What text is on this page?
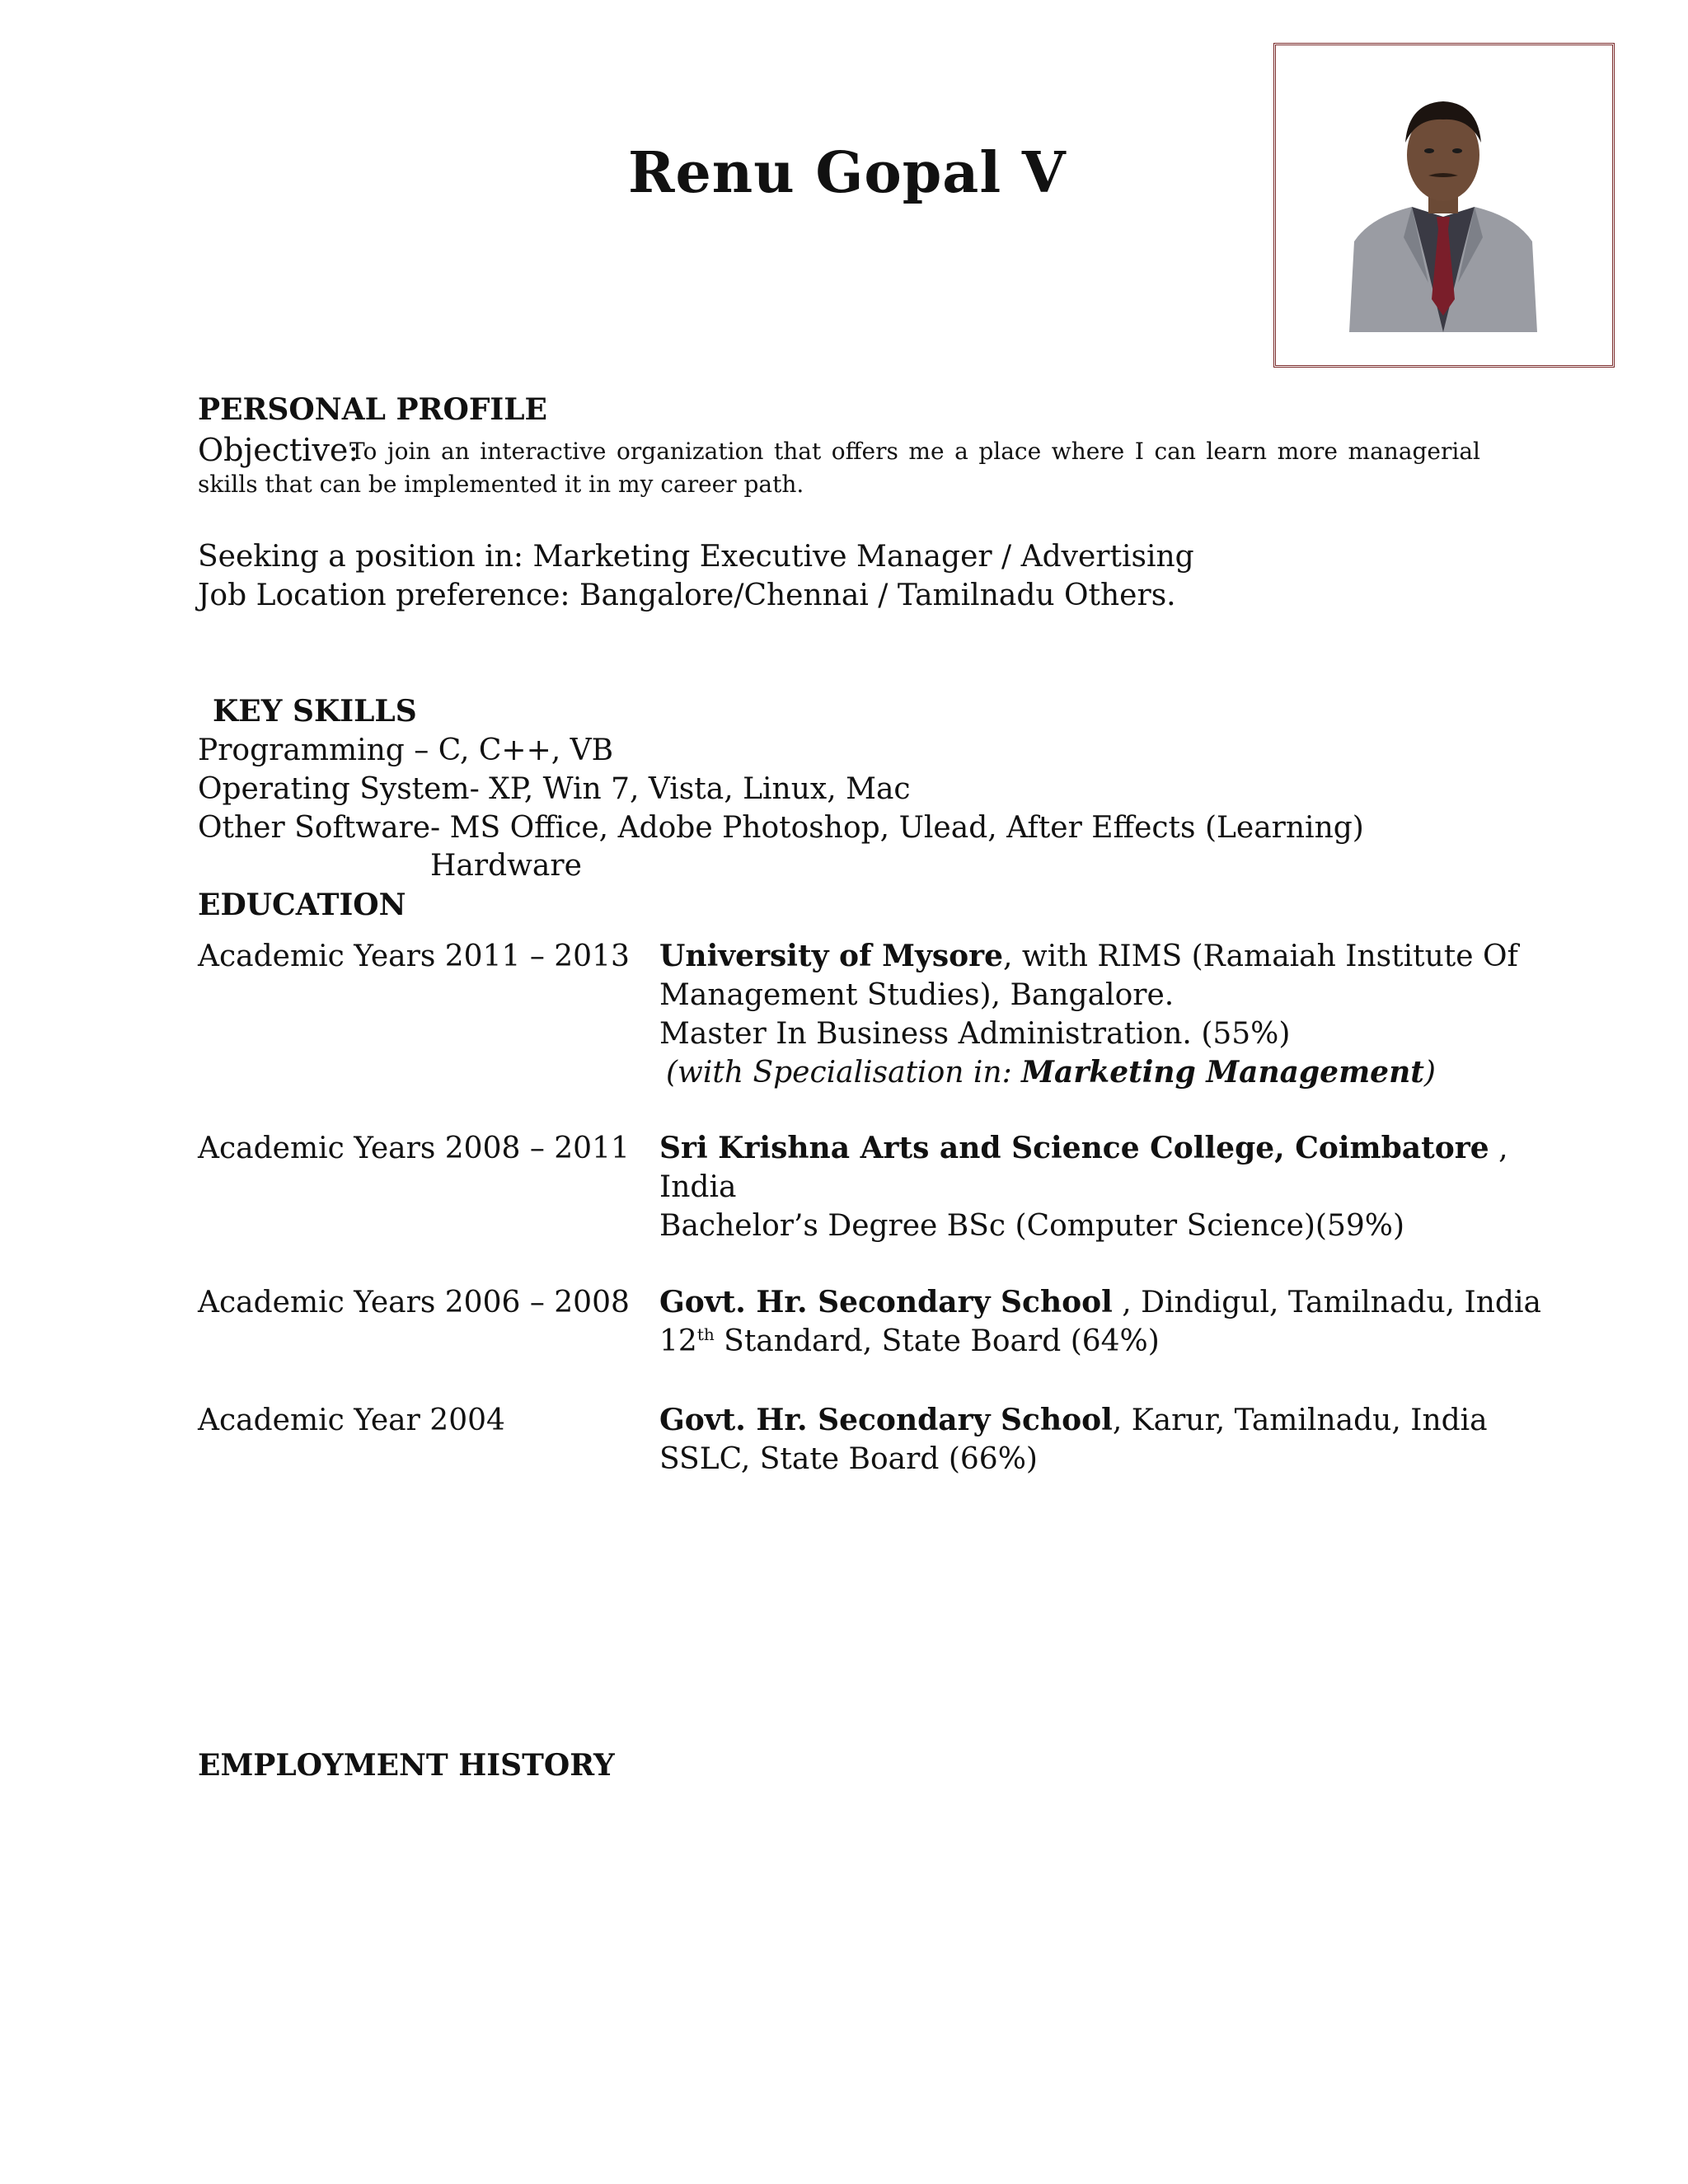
Renu Gopal V
PERSONAL PROFILE
Objective:
To join an interactive organization that offers me a place where I can learn more managerial skills that can be implemented it in my career path.
Seeking a position in: Marketing Executive Manager / Advertising
Job Location preference: Bangalore/Chennai / Tamilnadu Others.
KEY SKILLS
Programming – C, C++, VB
Operating System- XP, Win 7, Vista, Linux, Mac
Other Software- MS Office, Adobe Photoshop, Ulead, After Effects (Learning)
Hardware
EDUCATION
Academic Years 2011 – 2013 University of Mysore, with RIMS (Ramaiah Institute Of
Management Studies), Bangalore.
Master In Business Administration. (55%)
(with Specialisation in: Marketing Management)
Academic Years 2008 – 2011 Sri Krishna Arts and Science College, Coimbatore ,
India
Bachelor’s Degree BSc (Computer Science)(59%)
Academic Years 2006 – 2008 Govt. Hr. Secondary School , Dindigul, Tamilnadu, India
12th Standard, State Board (64%)
Academic Year 2004	Govt. Hr. Secondary School, Karur, Tamilnadu, India
SSLC, State Board (66%)
EMPLOYMENT HISTORY
